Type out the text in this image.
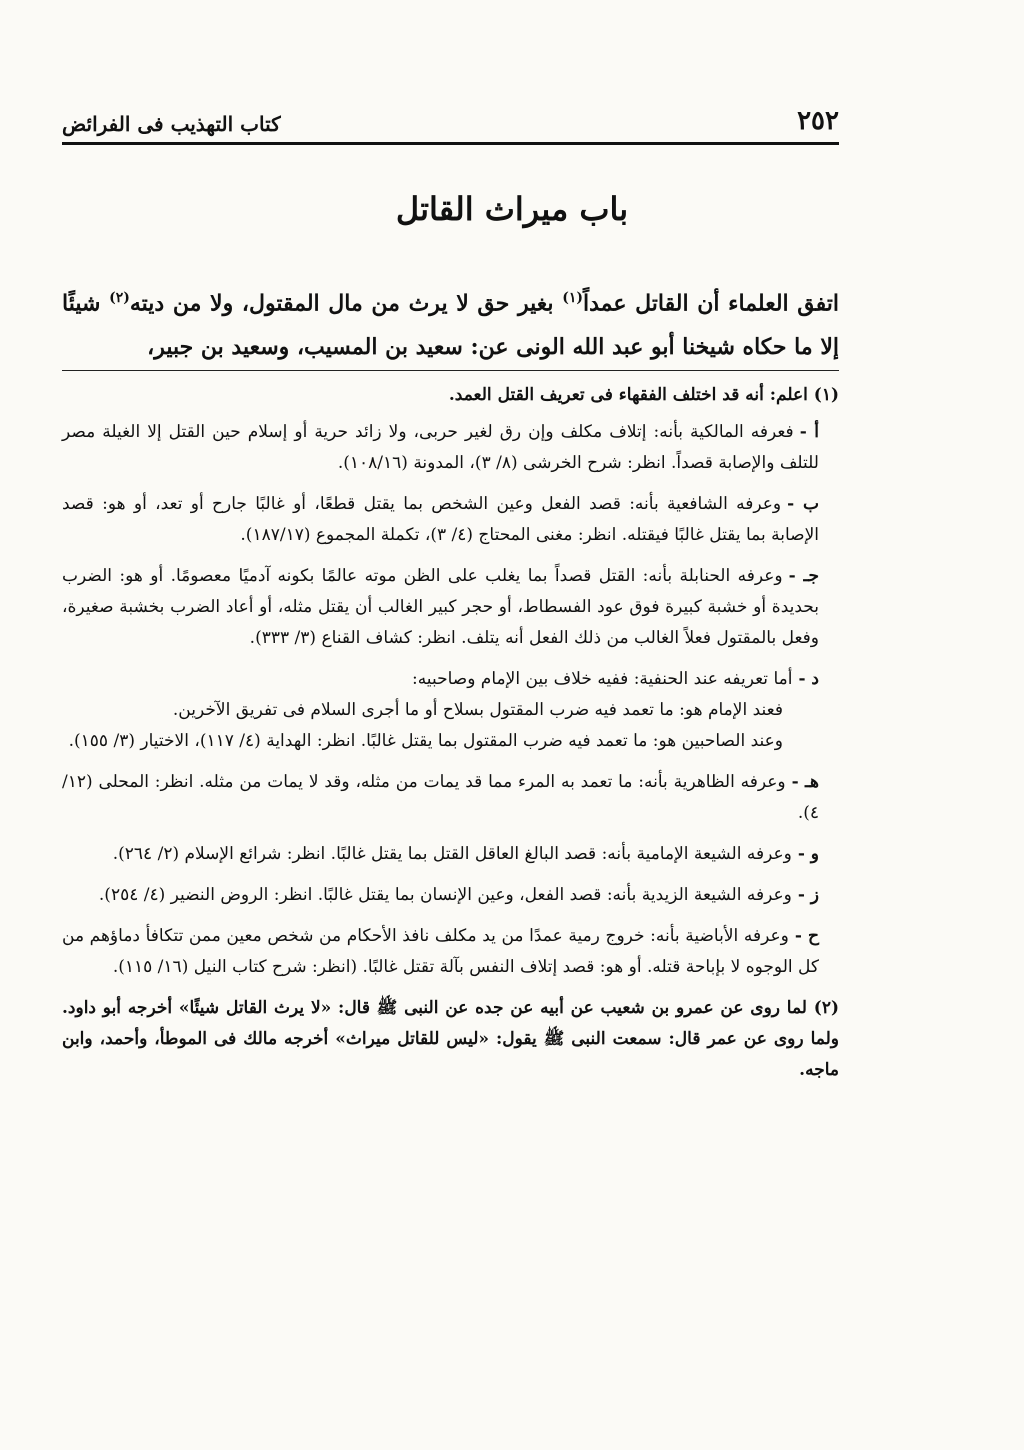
٢٥٢
كتاب التهذيب فى الفرائض
باب ميراث القاتل

اتفق العلماء أن القاتل عمداً$^{(١)}$ بغير حق لا يرث من مال المقتول، ولا من ديته$^{(٢)}$ شيئًا إلا ما حكاه شيخنا أبو عبد الله الونى عن: سعيد بن المسيب، وسعيد بن جبير،

(١) اعلم: أنه قد اختلف الفقهاء فى تعريف القتل العمد.

أ -فعرفه المالكية بأنه: إتلاف مكلف وإن رق لغير حربى، ولا زائد حرية أو إسلام حين القتل إلا الغيلة مصر للتلف والإصابة قصداً. انظر: شرح الخرشى (٨/ ٣)، المدونة (١٠٨/١٦).

ب -وعرفه الشافعية بأنه: قصد الفعل وعين الشخص بما يقتل قطعًا، أو غالبًا جارح أو تعد، أو هو: قصد الإصابة بما يقتل غالبًا فيقتله. انظر: مغنى المحتاج (٤/ ٣)، تكملة المجموع (١٨٧/١٧).

جـ -وعرفه الحنابلة بأنه: القتل قصداً بما يغلب على الظن موته عالمًا بكونه آدميًا معصومًا. أو هو: الضرب بحديدة أو خشبة كبيرة فوق عود الفسطاط، أو حجر كبير الغالب أن يقتل مثله، أو أعاد الضرب بخشبة صغيرة، وفعل بالمقتول فعلاً الغالب من ذلك الفعل أنه يتلف. انظر: كشاف القناع (٣/ ٣٣٣).

د -أما تعريفه عند الحنفية: ففيه خلاف بين الإمام وصاحبيه:

فعند الإمام هو: ما تعمد فيه ضرب المقتول بسلاح أو ما أجرى السلام فى تفريق الآخرين.

وعند الصاحبين هو: ما تعمد فيه ضرب المقتول بما يقتل غالبًا. انظر: الهداية (٤/ ١١٧)، الاختيار (٣/ ١٥٥).

هـ -وعرفه الظاهرية بأنه: ما تعمد به المرء مما قد يمات من مثله، وقد لا يمات من مثله. انظر: المحلى (١٢/ ٤).

و -وعرفه الشيعة الإمامية بأنه: قصد البالغ العاقل القتل بما يقتل غالبًا. انظر: شرائع الإسلام (٢/ ٢٦٤).

ز -وعرفه الشيعة الزيدية بأنه: قصد الفعل، وعين الإنسان بما يقتل غالبًا. انظر: الروض النضير (٤/ ٢٥٤).

ح -وعرفه الأباضية بأنه: خروج رمية عمدًا من يد مكلف نافذ الأحكام من شخص معين ممن تتكافأ دماؤهم من كل الوجوه لا بإباحة قتله. أو هو: قصد إتلاف النفس بآلة تقتل غالبًا. (انظر: شرح كتاب النيل (١٦/ ١١٥).

(٢) لما روى عن عمرو بن شعيب عن أبيه عن جده عن النبى ﷺ قال: «لا يرث القاتل شيئًا» أخرجه أبو داود. ولما روى عن عمر قال: سمعت النبى ﷺ يقول: «ليس للقاتل ميراث» أخرجه مالك فى الموطأ، وأحمد، وابن ماجه.
